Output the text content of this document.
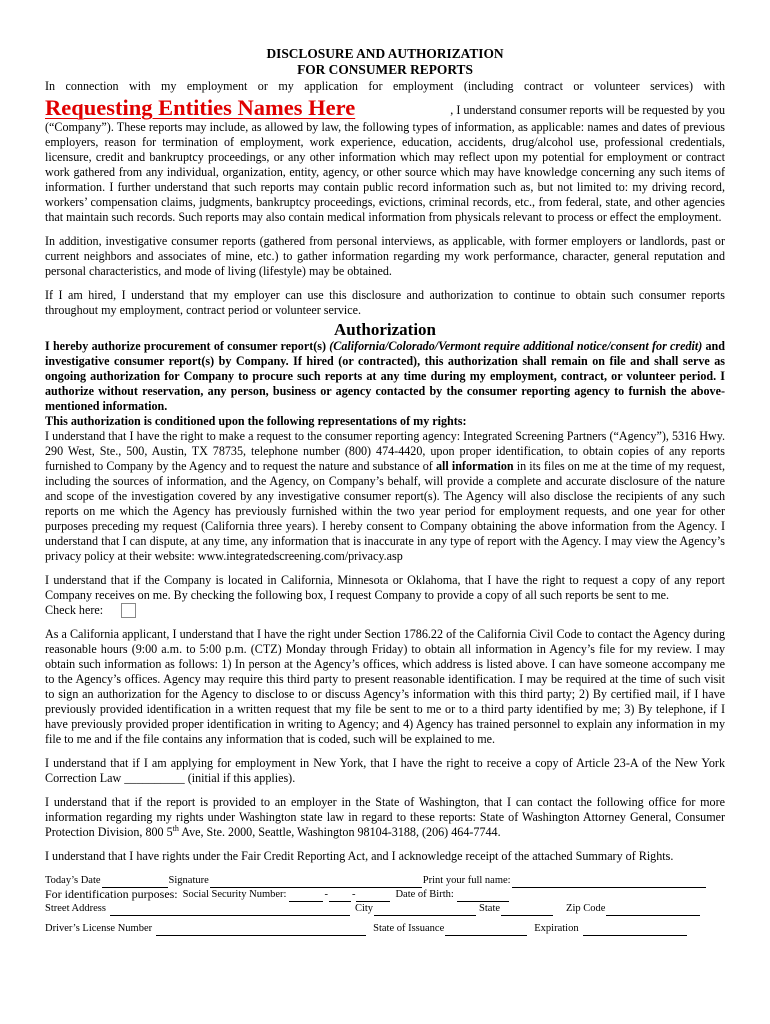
DISCLOSURE AND AUTHORIZATION
FOR CONSUMER REPORTS
In connection with my employment or my application for employment (including contract or volunteer services) with
Requesting Entities Names Here	, I understand consumer reports will be requested by you

(“Company”). These reports may include, as allowed by law, the following types of information, as applicable: names and dates of previous employers, reason for termination of employment, work experience, education, accidents, drug/alcohol use, professional credentials, licensure, credit and bankruptcy proceedings, or any other information which may reflect upon my potential for employment or contract work gathered from any individual, organization, entity, agency, or other source which may have knowledge concerning any such items of information. I further understand that such reports may contain public record information such as, but not limited to: my driving record, workers’ compensation claims, judgments, bankruptcy proceedings, evictions, criminal records, etc., from federal, state, and other agencies that maintain such records. Such reports may also contain medical information from physicals relevant to process or effect the employment.

In addition, investigative consumer reports (gathered from personal interviews, as applicable, with former employers or landlords, past or current neighbors and associates of mine, etc.) to gather information regarding my work performance, character, general reputation and personal characteristics, and mode of living (lifestyle) may be obtained.

If I am hired, I understand that my employer can use this disclosure and authorization to continue to obtain such consumer reports throughout my employment, contract period or volunteer service.

Authorization

I hereby authorize procurement of consumer report(s) (California/Colorado/Vermont require additional notice/consent for credit) and investigative consumer report(s) by Company. If hired (or contracted), this authorization shall remain on file and shall serve as ongoing authorization for Company to procure such reports at any time during my employment, contract, or volunteer period. I authorize without reservation, any person, business or agency contacted by the consumer reporting agency to furnish the above-mentioned information.

This authorization is conditioned upon the following representations of my rights:

I understand that I have the right to make a request to the consumer reporting agency: Integrated Screening Partners (“Agency”), 5316 Hwy. 290 West, Ste., 500, Austin, TX 78735, telephone number (800) 474-4420, upon proper identification, to obtain copies of any reports furnished to Company by the Agency and to request the nature and substance of all information in its files on me at the time of my request, including the sources of information, and the Agency, on Company’s behalf, will provide a complete and accurate disclosure of the nature and scope of the investigation covered by any investigative consumer report(s). The Agency will also disclose the recipients of any such reports on me which the Agency has previously furnished within the two year period for employment requests, and one year for other purposes preceding my request (California three years). I hereby consent to Company obtaining the above information from the Agency. I understand that I can dispute, at any time, any information that is inaccurate in any type of report with the Agency. I may view the Agency’s privacy policy at their website: www.integratedscreening.com/privacy.asp

I understand that if the Company is located in California, Minnesota or Oklahoma, that I have the right to request a copy of any report Company receives on me. By checking the following box, I request Company to provide a copy of all such reports be sent to me.

Check here:

As a California applicant, I understand that I have the right under Section 1786.22 of the California Civil Code to contact the Agency during reasonable hours (9:00 a.m. to 5:00 p.m. (CTZ) Monday through Friday) to obtain all information in Agency’s file for my review. I may obtain such information as follows: 1) In person at the Agency’s offices, which address is listed above. I can have someone accompany me to the Agency’s offices. Agency may require this third party to present reasonable identification. I may be required at the time of such visit to sign an authorization for the Agency to disclose to or discuss Agency’s information with this third party; 2) By certified mail, if I have previously provided identification in a written request that my file be sent to me or to a third party identified by me; 3) By telephone, if I have previously provided proper identification in writing to Agency; and 4) Agency has trained personnel to explain any information in my file to me and if the file contains any information that is coded, such will be explained to me.

I understand that if I am applying for employment in New York, that I have the right to receive a copy of Article 23-A of the New York Correction Law __________ (initial if this applies).

I understand that if the report is provided to an employer in the State of Washington, that I can contact the following office for more information regarding my rights under Washington state law in regard to these reports: State of Washington Attorney General, Consumer Protection Division, 800 5th Ave, Ste. 2000, Seattle, Washington 98104-3188, (206) 464-7744.

I understand that I have rights under the Fair Credit Reporting Act, and I acknowledge receipt of the attached Summary of Rights.

Today’s Date	Signature	Print your full name:
For identification purposes: Social Security Number:	- -	Date of Birth:
Street Address	City	State	Zip Code
Driver’s License Number	State of Issuance	Expiration
